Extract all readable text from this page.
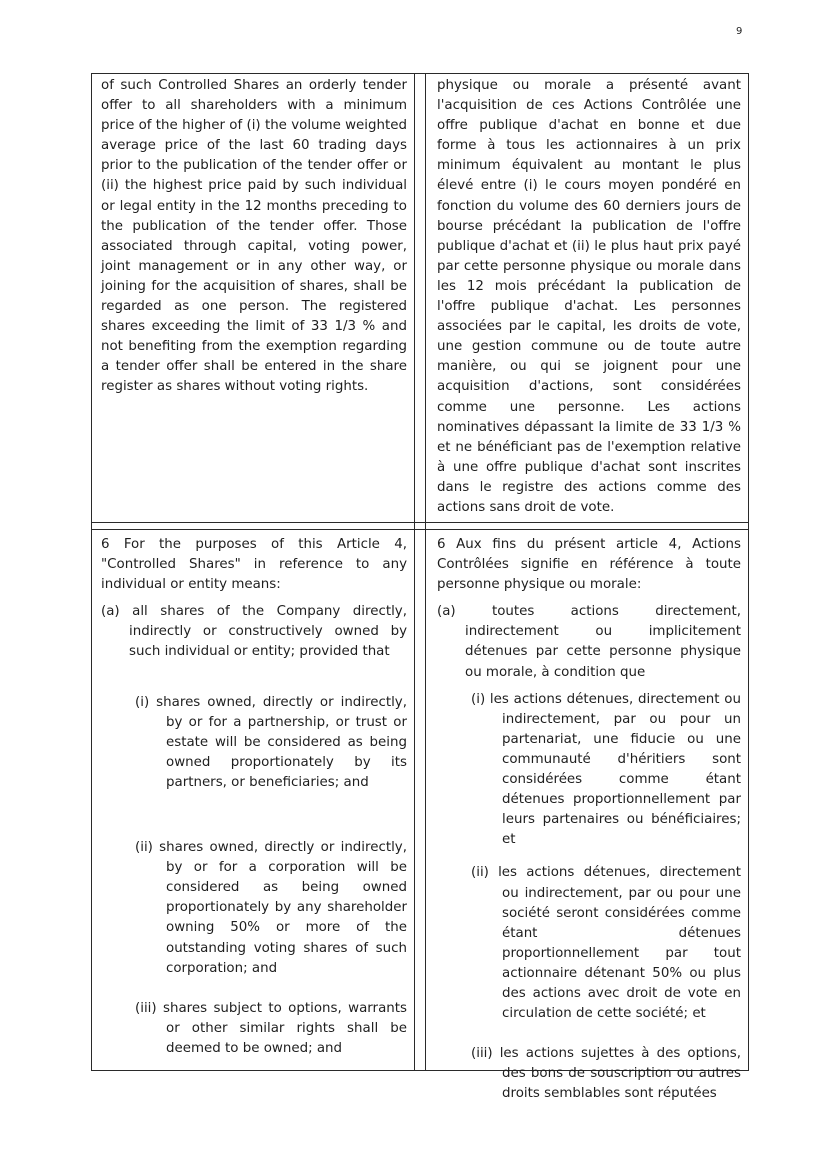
9

of such Controlled Shares an orderly tender offer to all shareholders with a minimum price of the higher of (i) the volume weighted average price of the last 60 trading days prior to the publication of the tender offer or (ii) the highest price paid by such individual or legal entity in the 12 months preceding to the publication of the tender offer. Those associated through capital, voting power, joint management or in any other way, or joining for the acquisition of shares, shall be regarded as one person. The registered shares exceeding the limit of 33 1/3 % and not benefiting from the exemption regarding a tender offer shall be entered in the share register as shares without voting rights.

physique ou morale a présenté avant l'acquisition de ces Actions Contrôlée une offre publique d'achat en bonne et due forme à tous les actionnaires à un prix minimum équivalent au montant le plus élevé entre (i) le cours moyen pondéré en fonction du volume des 60 derniers jours de bourse précédant la publication de l'offre publique d'achat et (ii) le plus haut prix payé par cette personne physique ou morale dans les 12 mois précédant la publication de l'offre publique d'achat. Les personnes associées par le capital, les droits de vote, une gestion commune ou de toute autre manière, ou qui se joignent pour une acquisition d'actions, sont considérées comme une personne. Les actions nominatives dépassant la limite de 33 1/3 % et ne bénéficiant pas de l'exemption relative à une offre publique d'achat sont inscrites dans le registre des actions comme des actions sans droit de vote.

6 For the purposes of this Article 4, "Controlled Shares" in reference to any individual or entity means:

(a) all shares of the Company directly, indirectly or constructively owned by such individual or entity; provided that

(i) shares owned, directly or indirectly, by or for a partnership, or trust or estate will be considered as being owned proportionately by its partners, or beneficiaries; and

(ii) shares owned, directly or indirectly, by or for a corporation will be considered as being owned proportionately by any shareholder owning 50% or more of the outstanding voting shares of such corporation; and

(iii) shares subject to options, warrants or other similar rights shall be deemed to be owned; and

6 Aux fins du présent article 4, Actions Contrôlées signifie en référence à toute personne physique ou morale:

(a) toutes actions directement, indirectement ou implicitement détenues par cette personne physique ou morale, à condition que

(i) les actions détenues, directement ou indirectement, par ou pour un partenariat, une fiducie ou une communauté d'héritiers sont considérées comme étant détenues proportionnellement par leurs partenaires ou bénéficiaires; et

(ii) les actions détenues, directement ou indirectement, par ou pour une société seront considérées comme étant détenues proportionnellement par tout actionnaire détenant 50% ou plus des actions avec droit de vote en circulation de cette société; et

(iii) les actions sujettes à des options, des bons de souscription ou autres droits semblables sont réputées
